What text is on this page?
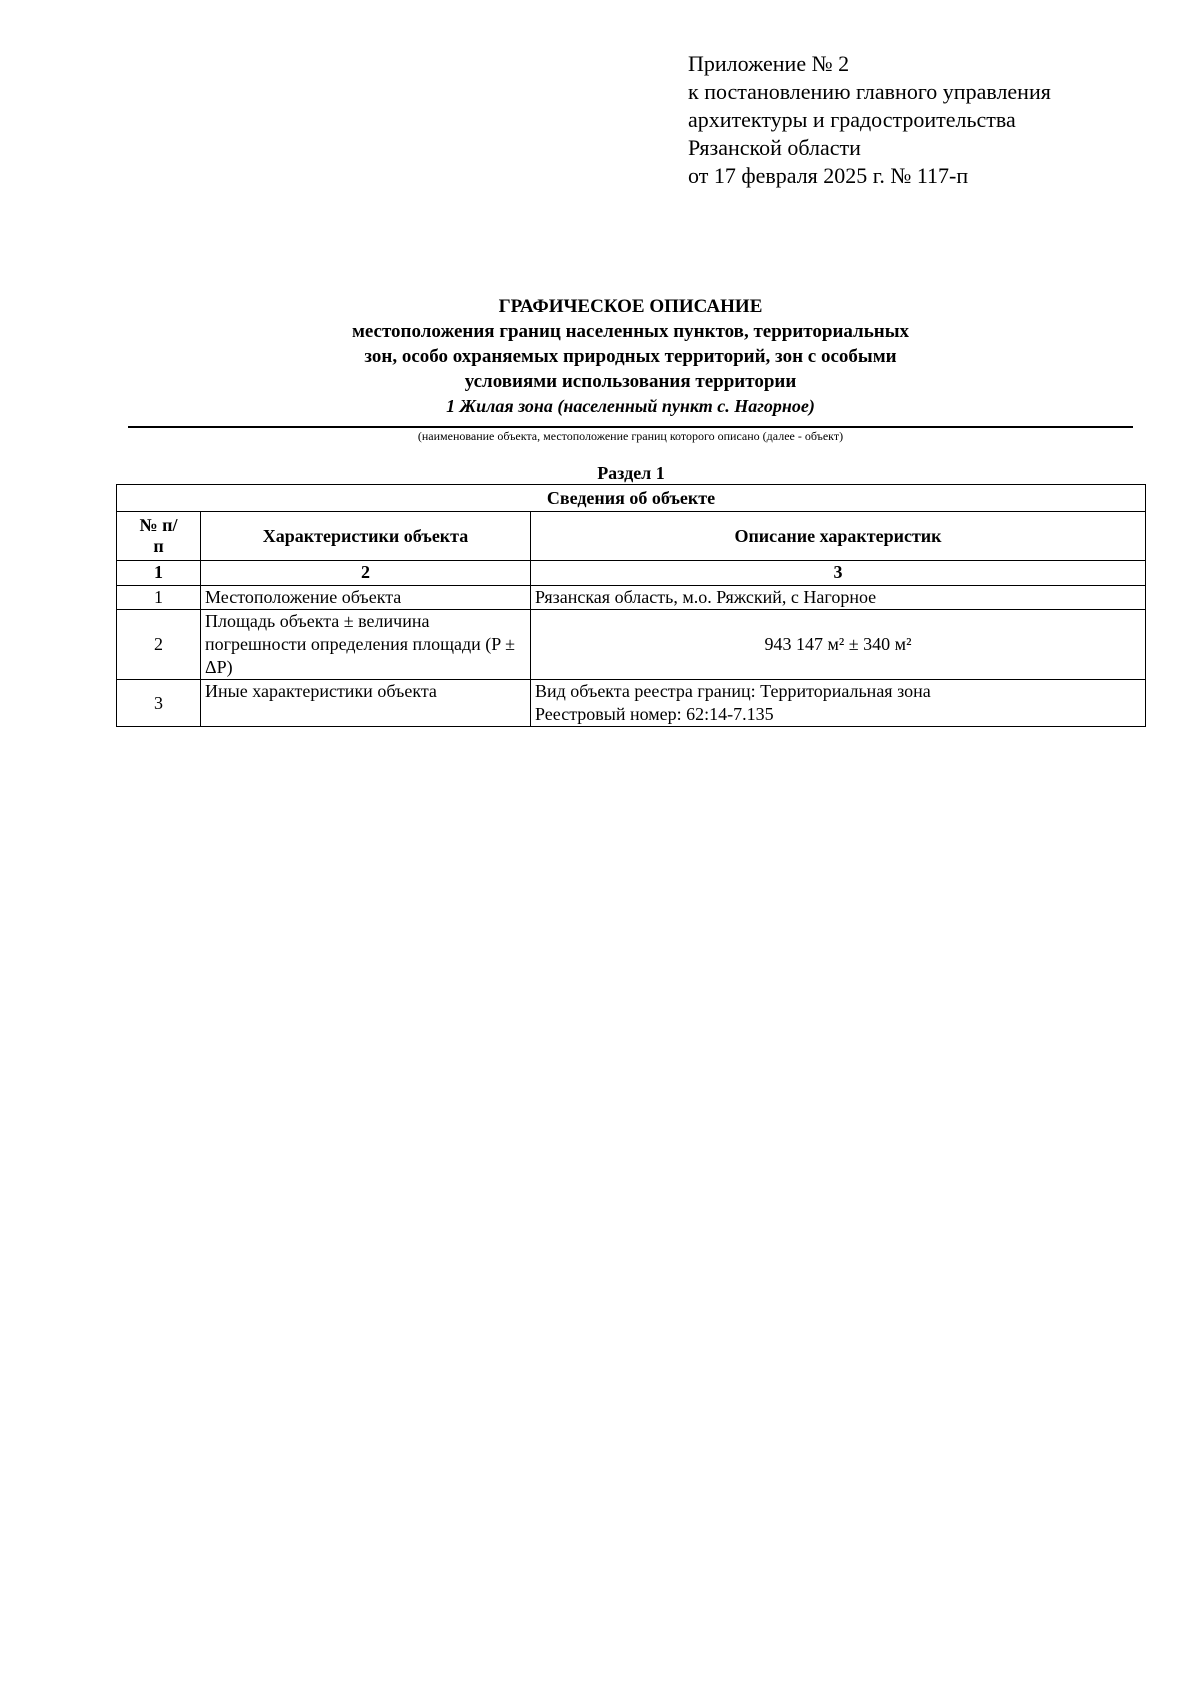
Приложение № 2
к постановлению главного управления
архитектуры и градостроительства
Рязанской области
от 17 февраля 2025 г. № 117-п
ГРАФИЧЕСКОЕ ОПИСАНИЕ
местоположения границ населенных пунктов, территориальных
зон, особо охраняемых природных территорий, зон с особыми
условиями использования территории
1 Жилая зона (населенный пункт с. Нагорное)
(наименование объекта, местоположение границ которого описано (далее - объект)
Раздел 1
Сведения об объекте		
№ п/п	Характеристики объекта	Описание характеристик
1	2	3
1	Местоположение объекта	Рязанская область, м.о. Ряжский, с Нагорное
2	Площадь объекта ± величина погрешности определения площади (P ± ΔP)	943 147 м² ± 340 м²
3	Иные характеристики объекта	Вид объекта реестра границ: Территориальная зона
Реестровый номер: 62:14-7.135
